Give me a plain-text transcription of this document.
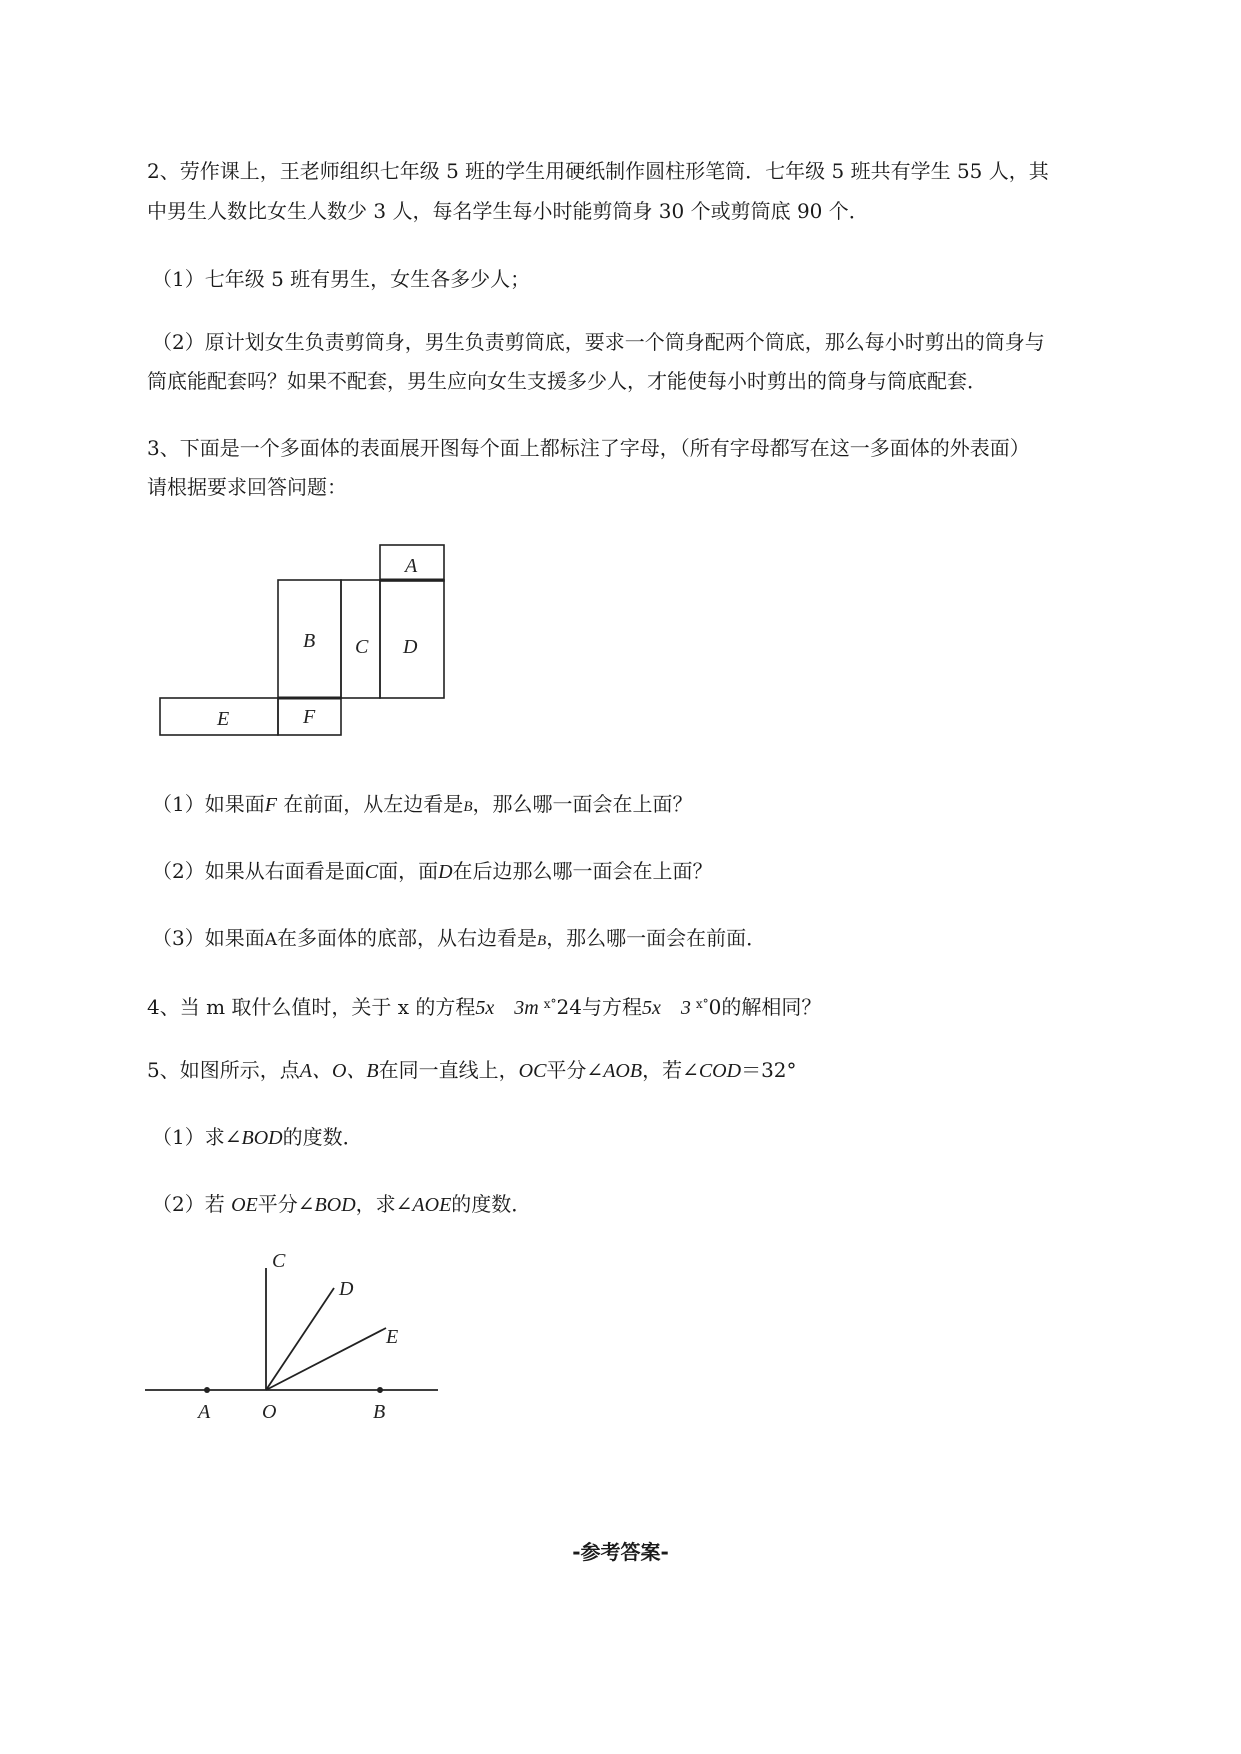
2、劳作课上，王老师组织七年级 5 班的学生用硬纸制作圆柱形笔筒．七年级 5 班共有学生 55 人，其
中男生人数比女生人数少 3 人，每名学生每小时能剪筒身 30 个或剪筒底 90 个．
（1）七年级 5 班有男生，女生各多少人；
（2）原计划女生负责剪筒身，男生负责剪筒底，要求一个筒身配两个筒底，那么每小时剪出的筒身与
筒底能配套吗？如果不配套，男生应向女生支援多少人，才能使每小时剪出的筒身与筒底配套．
3、下面是一个多面体的表面展开图每个面上都标注了字母，（所有字母都写在这一多面体的外表面）
请根据要求回答问题：
A
B C D
E	F
C
D
E
A	O	B
（1）如果面F 在前面，从左边看是B，那么哪一面会在上面？
（2）如果从右面看是面C面，面D在后边那么哪一面会在上面？
（3）如果面A在多面体的底部，从右边看是B，那么哪一面会在前面．
4、当 m 取什么值时，关于 x 的方程5x　3m $^{x^\circ}$24与方程5x　3 $^{x^\circ}$0的解相同？
5、如图所示，点A、O、B在同一直线上，OC平分∠AOB，若∠COD＝32°
（1）求∠BOD的度数．
（2）若 OE平分∠BOD，求∠AOE的度数．
-参考答案-
